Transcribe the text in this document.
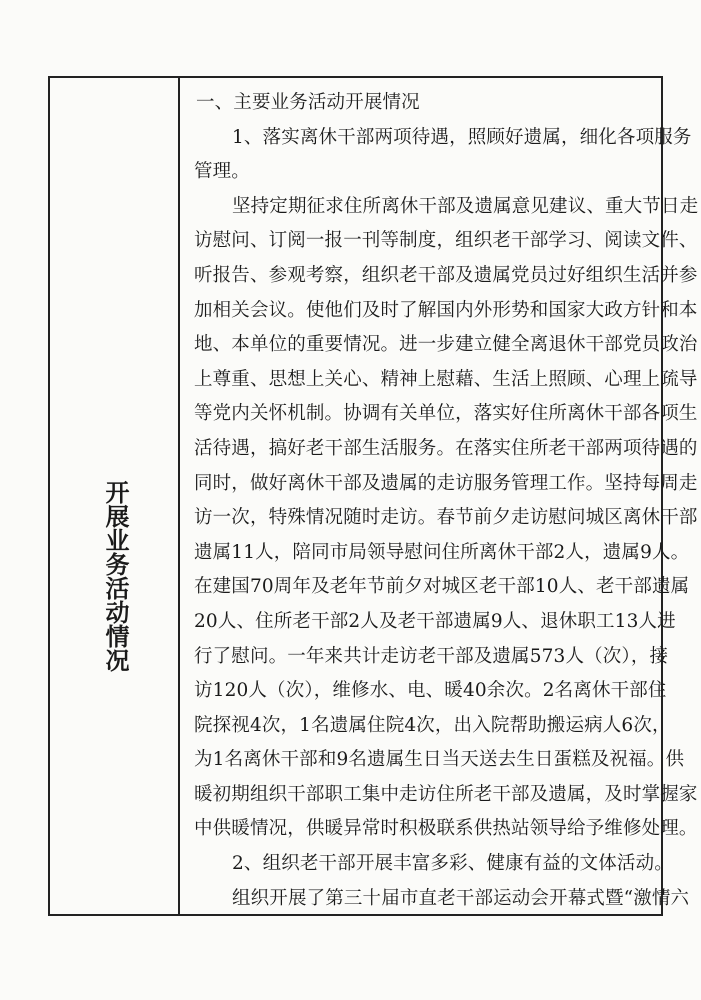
开展业务活动情况
一、主要业务活动开展情况
1、落实离休干部两项待遇，照顾好遗属，细化各项服务
管理。
坚持定期征求住所离休干部及遗属意见建议、重大节日走
访慰问、订阅一报一刊等制度，组织老干部学习、阅读文件、
听报告、参观考察，组织老干部及遗属党员过好组织生活并参
加相关会议。使他们及时了解国内外形势和国家大政方针和本
地、本单位的重要情况。进一步建立健全离退休干部党员政治
上尊重、思想上关心、精神上慰藉、生活上照顾、心理上疏导
等党内关怀机制。协调有关单位，落实好住所离休干部各项生
活待遇，搞好老干部生活服务。在落实住所老干部两项待遇的
同时，做好离休干部及遗属的走访服务管理工作。坚持每周走
访一次，特殊情况随时走访。春节前夕走访慰问城区离休干部
遗属11人，陪同市局领导慰问住所离休干部2人，遗属9人。
在建国70周年及老年节前夕对城区老干部10人、老干部遗属
20人、住所老干部2人及老干部遗属9人、退休职工13人进
行了慰问。一年来共计走访老干部及遗属573人（次），接
访120人（次），维修水、电、暖40余次。2名离休干部住
院探视4次，1名遗属住院4次，出入院帮助搬运病人6次，
为1名离休干部和9名遗属生日当天送去生日蛋糕及祝福。供
暖初期组织干部职工集中走访住所老干部及遗属，及时掌握家
中供暖情况，供暖异常时积极联系供热站领导给予维修处理。
2、组织老干部开展丰富多彩、健康有益的文体活动。
组织开展了第三十届市直老干部运动会开幕式暨“激情六
